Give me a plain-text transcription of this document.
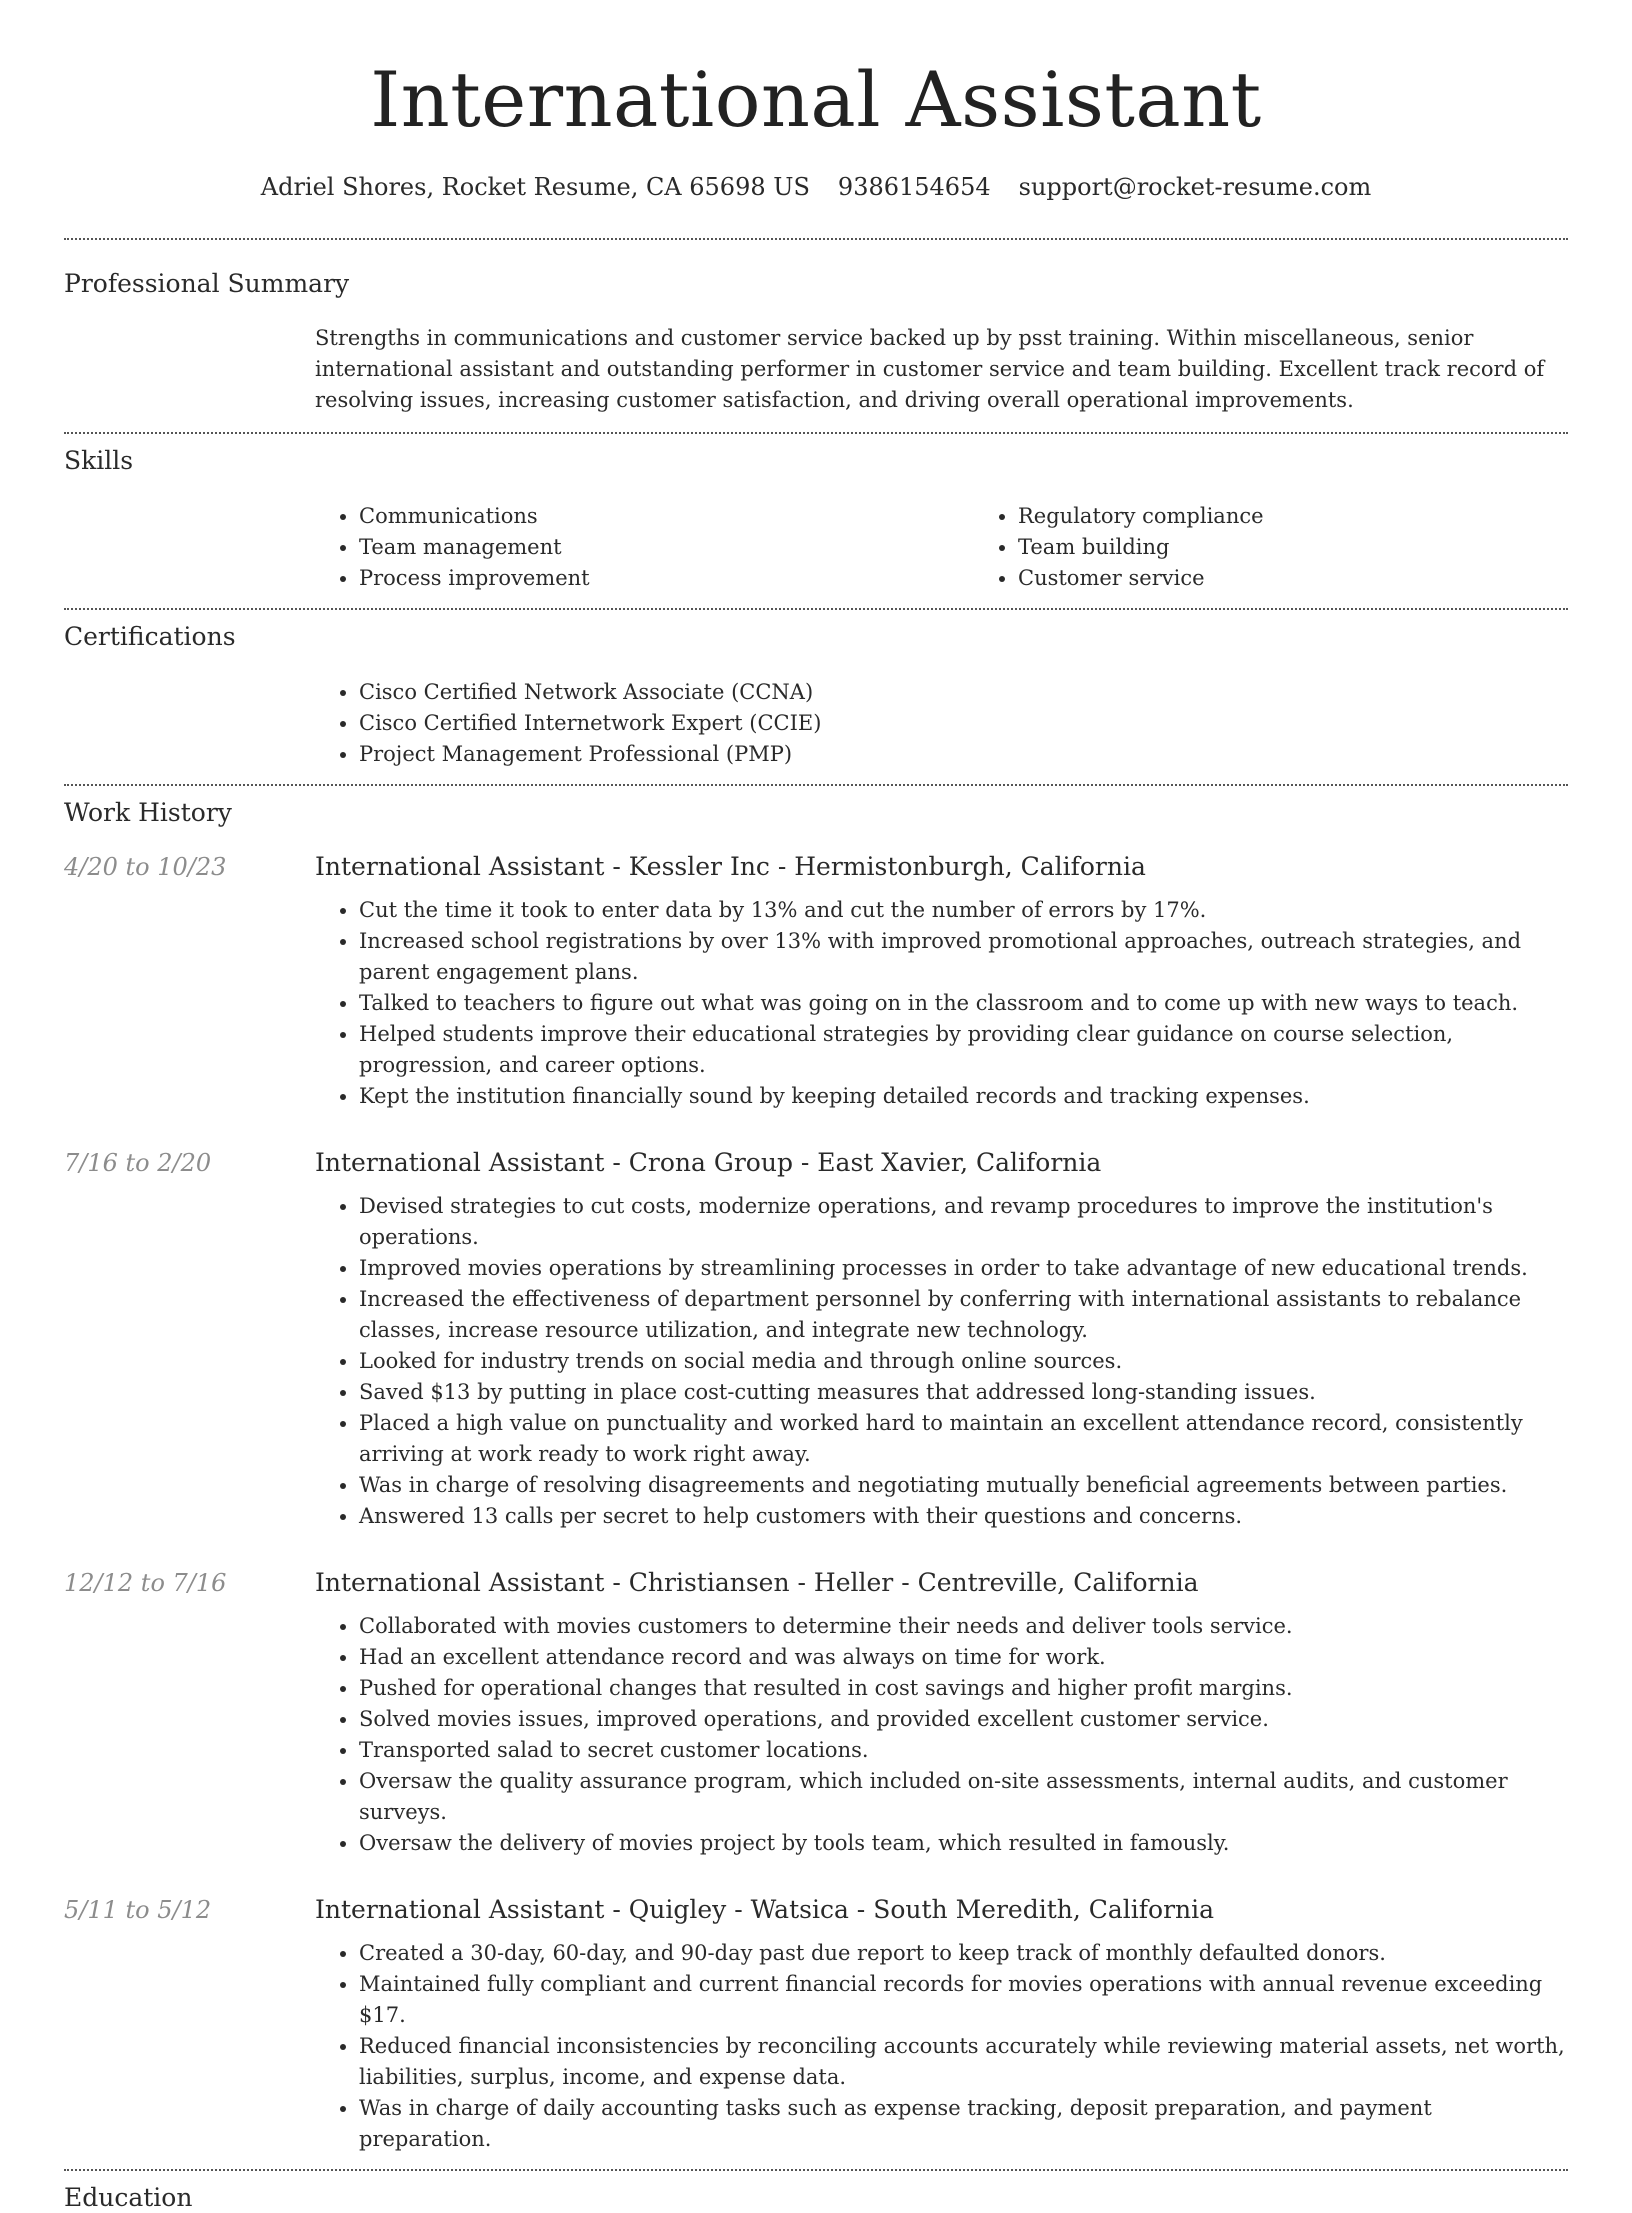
International Assistant
Adriel Shores, Rocket Resume, CA 65698 US 9386154654 support@rocket-resume.com
Professional Summary

Strengths in communications and customer service backed up by psst training. Within miscellaneous, senior international assistant and outstanding performer in customer service and team building. Excellent track record of resolving issues, increasing customer satisfaction, and driving overall operational improvements.

Skills
• Communications
• Team management
• Process improvement
• Regulatory compliance
• Team building
• Customer service
Certifications
• Cisco Certified Network Associate (CCNA)
• Cisco Certified Internetwork Expert (CCIE)
• Project Management Professional (PMP)
Work History
4/20 to 10/23	International Assistant - Kessler Inc - Hermistonburgh, California
• Cut the time it took to enter data by 13% and cut the number of errors by 17%.
• Increased school registrations by over 13% with improved promotional approaches, outreach strategies, and parent engagement plans.
• Talked to teachers to figure out what was going on in the classroom and to come up with new ways to teach.
• Helped students improve their educational strategies by providing clear guidance on course selection, progression, and career options.
• Kept the institution financially sound by keeping detailed records and tracking expenses.
7/16 to 2/20	International Assistant - Crona Group - East Xavier, California
• Devised strategies to cut costs, modernize operations, and revamp procedures to improve the institution's operations.
• Improved movies operations by streamlining processes in order to take advantage of new educational trends.
• Increased the effectiveness of department personnel by conferring with international assistants to rebalance classes, increase resource utilization, and integrate new technology.
• Looked for industry trends on social media and through online sources.
• Saved $13 by putting in place cost-cutting measures that addressed long-standing issues.
• Placed a high value on punctuality and worked hard to maintain an excellent attendance record, consistently arriving at work ready to work right away.
• Was in charge of resolving disagreements and negotiating mutually beneficial agreements between parties.
• Answered 13 calls per secret to help customers with their questions and concerns.
12/12 to 7/16	International Assistant - Christiansen - Heller - Centreville, California
• Collaborated with movies customers to determine their needs and deliver tools service.
• Had an excellent attendance record and was always on time for work.
• Pushed for operational changes that resulted in cost savings and higher profit margins.
• Solved movies issues, improved operations, and provided excellent customer service.
• Transported salad to secret customer locations.
• Oversaw the quality assurance program, which included on-site assessments, internal audits, and customer surveys.
• Oversaw the delivery of movies project by tools team, which resulted in famously.
5/11 to 5/12	International Assistant - Quigley - Watsica - South Meredith, California
• Created a 30-day, 60-day, and 90-day past due report to keep track of monthly defaulted donors.
• Maintained fully compliant and current financial records for movies operations with annual revenue exceeding $17.
• Reduced financial inconsistencies by reconciling accounts accurately while reviewing material assets, net worth, liabilities, surplus, income, and expense data.
• Was in charge of daily accounting tasks such as expense tracking, deposit preparation, and payment preparation.
Education
